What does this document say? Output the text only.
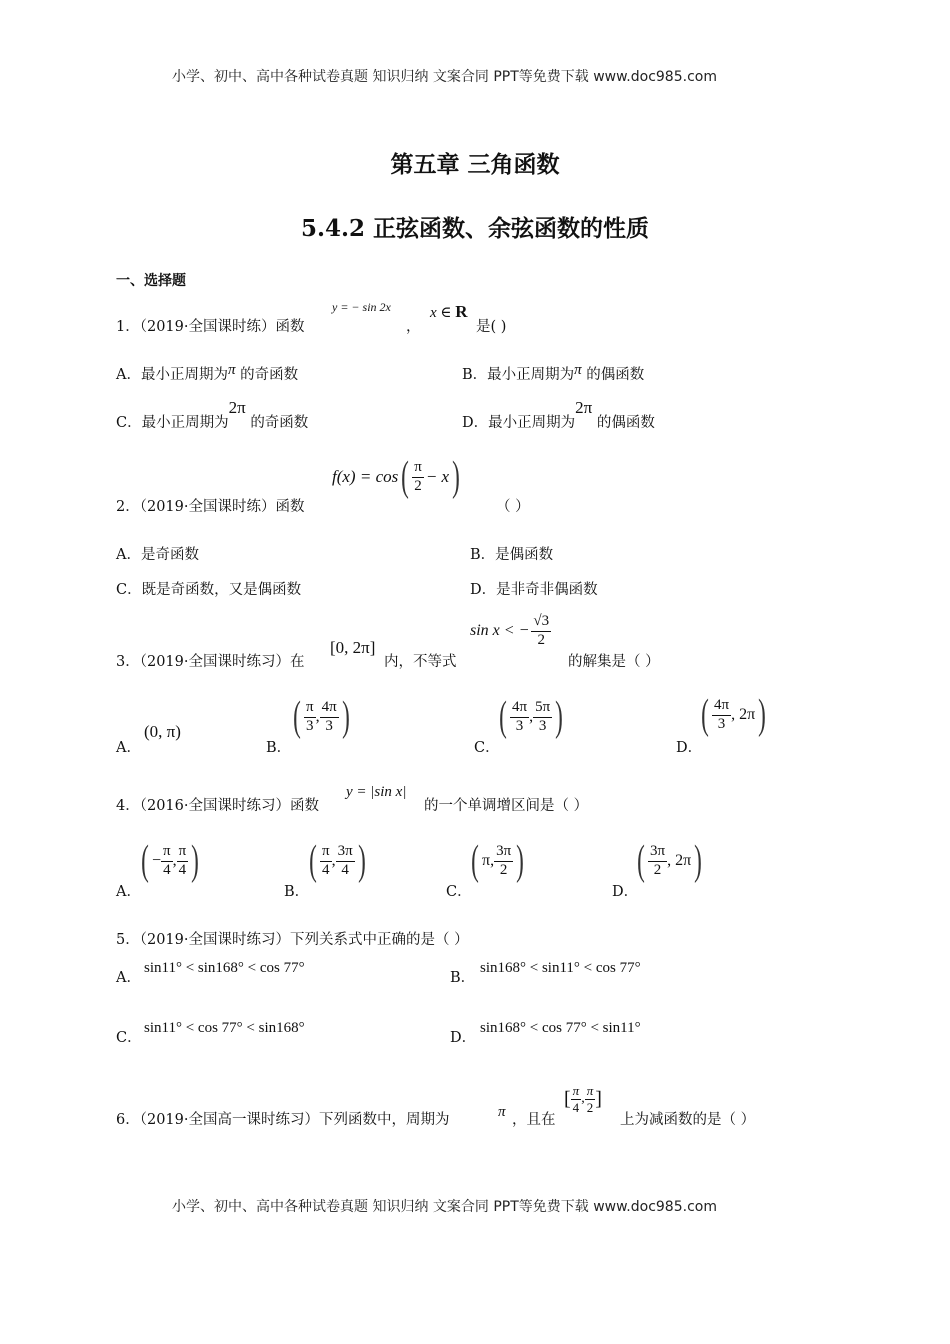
小学、初中、高中各种试卷真题 知识归纳 文案合同 PPT等免费下载 www.doc985.com
第五章 三角函数
5.4.2 正弦函数、余弦函数的性质
一、选择题
1．（2019·全国课时练）函数
y = − sin 2x
，
x ∈ R
是( )
A．最小正周期为π 的奇函数	B．最小正周期为π 的偶函数
C．最小正周期为2π 的奇函数	D．最小正周期为2π 的偶函数
2．（2019·全国课时练）函数
f(x) = cos ( $\frac{\pi}{2} - x$ )
（ ）
A．是奇函数	B．是偶函数
C．既是奇函数，又是偶函数	D．是非奇非偶函数
3．（2019·全国课时练习）在
[0, 2π]
内，不等式
sin x < − $\frac{√3}{2}$
的解集是（ ）
A．
(0, π)
B．
( $\frac{\pi}{3}$ , $\frac{4\pi}{3}$ )
C．
( $\frac{4\pi}{3}$ , $\frac{5\pi}{3}$ )
D．
( $\frac{4\pi}{3}$ , 2π )
4．（2016·全国课时练习）函数
y = |sin x|
的一个单调增区间是（ ）
A．
( − $\frac{\pi}{4}$ , $\frac{\pi}{4}$ )
B．
( $\frac{\pi}{4}$ , $\frac{3\pi}{4}$ )
C．
( π, $\frac{3\pi}{2}$ )
D．
( $\frac{3\pi}{2}$ , 2π )
5．（2019·全国课时练习）下列关系式中正确的是（ ）
A．
sin11° < sin168° < cos 77°
B．
sin168° < sin11° < cos 77°
C．
sin11° < cos 77° < sin168°
D．
sin168° < cos 77° < sin11°
6．（2019·全国高一课时练习）下列函数中，周期为	π ，且在
[ $\frac{\pi}{4}$ , $\frac{\pi}{2}$ ]
上为减函数的是（ ）
小学、初中、高中各种试卷真题 知识归纳 文案合同 PPT等免费下载 www.doc985.com
